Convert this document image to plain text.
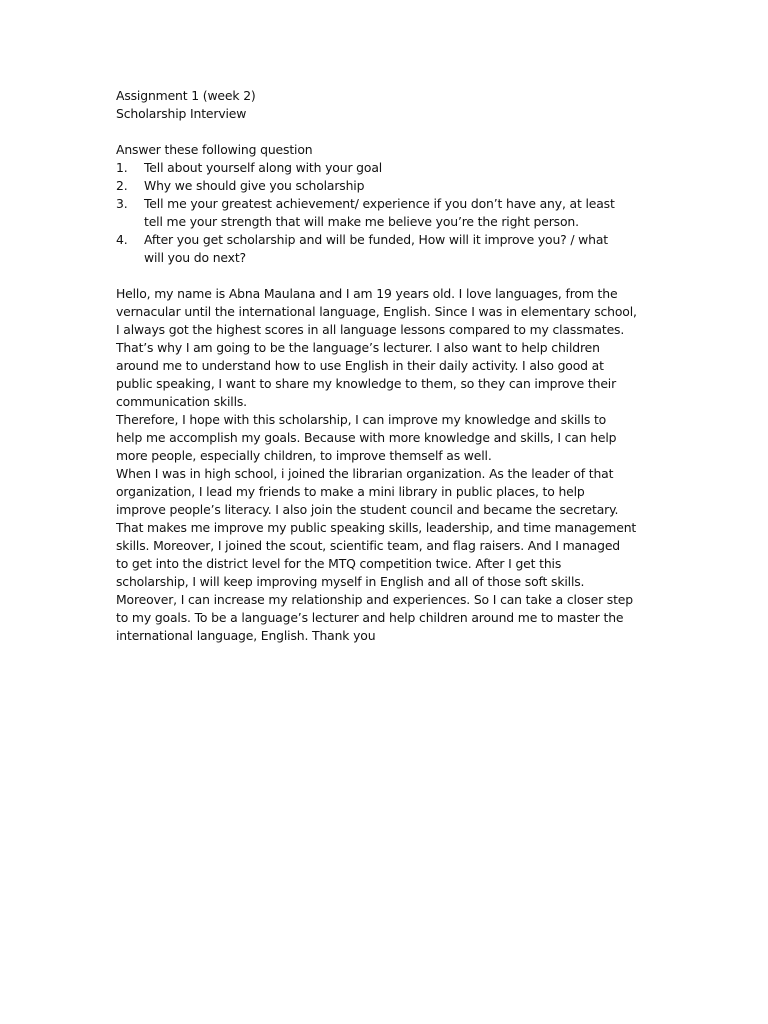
Assignment 1 (week 2)

Scholarship Interview

Answer these following question

1. Tell about yourself along with your goal
2. Why we should give you scholarship
3. Tell me your greatest achievement/ experience if you don’t have any, at least
tell me your strength that will make me believe you’re the right person.
4. After you get scholarship and will be funded, How will it improve you? / what
will you do next?

Hello, my name is Abna Maulana and I am 19 years old. I love languages, from the
vernacular until the international language, English. Since I was in elementary school,
I always got the highest scores in all language lessons compared to my classmates.
That’s why I am going to be the language’s lecturer. I also want to help children
around me to understand how to use English in their daily activity. I also good at
public speaking, I want to share my knowledge to them, so they can improve their
communication skills.

Therefore, I hope with this scholarship, I can improve my knowledge and skills to
help me accomplish my goals. Because with more knowledge and skills, I can help
more people, especially children, to improve themself as well.

When I was in high school, i joined the librarian organization. As the leader of that
organization, I lead my friends to make a mini library in public places, to help
improve people’s literacy. I also join the student council and became the secretary.
That makes me improve my public speaking skills, leadership, and time management
skills. Moreover, I joined the scout, scientific team, and flag raisers. And I managed
to get into the district level for the MTQ competition twice. After I get this
scholarship, I will keep improving myself in English and all of those soft skills.
Moreover, I can increase my relationship and experiences. So I can take a closer step
to my goals. To be a language’s lecturer and help children around me to master the
international language, English. Thank you
